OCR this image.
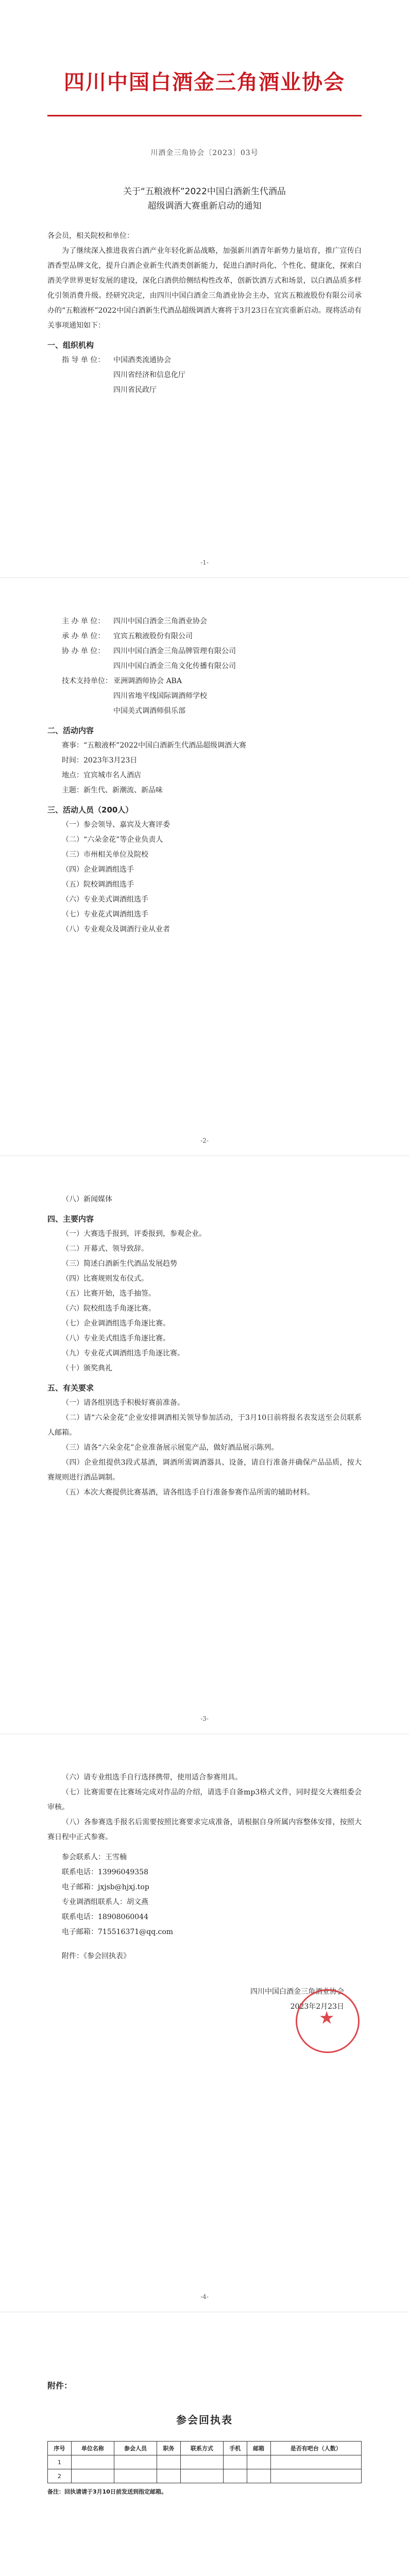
四川中国白酒金三角酒业协会
川酒金三角协会〔2023〕03号
关于“五粮液杯”2022中国白酒新生代酒品
超级调酒大赛重新启动的通知
各会员，相关院校和单位：

为了继续深入推进我省白酒产业年轻化新品战略，加强新川酒青年新势力量培育，推广宣传白酒香型品牌文化，提升白酒企业新生代酒类创新能力，促进白酒时尚化、个性化、健康化，探索白酒美学世界更好发展的建设，深化白酒供给侧结构性改革，创新饮酒方式和场景，以白酒品质多样化引领消费升级。经研究决定，由四川中国白酒金三角酒业协会主办，宜宾五粮液股份有限公司承办的“五粮液杯”2022中国白酒新生代酒品超级调酒大赛将于3月23日在宜宾重新启动。现将活动有关事项通知如下：

一、组织机构
指 导 单 位：	中国酒类流通协会
四川省经济和信息化厅
四川省民政厅
-1-
主 办 单 位：	四川中国白酒金三角酒业协会
承 办 单 位：	宜宾五粮液股份有限公司
协 办 单 位：	四川中国白酒金三角品牌管理有限公司
四川中国白酒金三角文化传播有限公司
技术支持单位： 亚洲调酒师协会 ABA
四川省地平线国际调酒师学校
中国美式调酒师俱乐部
二、活动内容

赛事：“五粮液杯”2022中国白酒新生代酒品超级调酒大赛

时间：2023年3月23日

地点：宜宾城市名人酒店

主题：新生代、新潮流、新品味

三、活动人员（200人）
（一）参会领导、嘉宾及大赛评委
（二）“六朵金花”等企业负责人
（三）市州相关单位及院校
（四）企业调酒组选手
（五）院校调酒组选手
（六）专业美式调酒组选手
（七）专业花式调酒组选手
（八）专业观众及调酒行业从业者
-2-
（八）新闻媒体
四、主要内容
（一）大赛选手报到，评委报到，参观企业。
（二）开幕式、领导致辞。
（三）简述白酒新生代酒品发展趋势
（四）比赛规则发布仪式。
（五）比赛开始，选手抽签。
（六）院校组选手角逐比赛。
（七）企业调酒组选手角逐比赛。
（八）专业美式组选手角逐比赛。
（九）专业花式调酒组选手角逐比赛。
（十）颁奖典礼
五、有关要求

（一）请各组别选手积极好赛前准备。

（二）请“六朵金花”企业安排调酒相关领导参加活动，于3月10日前将报名表发送至会员联系人邮箱。

（三）请各“六朵金花”企业准备展示展览产品，做好酒品展示陈列。

（四）企业组提供3段式基酒，调酒所需调酒器具、设备，请自行准备并确保产品品质，按大赛规则进行酒品调制。

（五）本次大赛提供比赛基酒，请各组选手自行准备参赛作品所需的辅助材料。

-3-

（六）请专业组选手自行选择携带，使用适合参赛用具。

（七）比赛需要在比赛场完成对作品的介绍，请选手自备mp3格式文件，同时提交大赛组委会审核。

（八）各参赛选手报名后需要按照比赛要求完成准备，请根据自身所属内容整体安排，按照大赛日程中正式参赛。

参会联系人：王雪楠
联系电话：13996049358
电子邮箱：jxjsb@hjxj.top
专业调酒组联系人：胡文燕
联系电话：18908060044
电子邮箱：715516371@qq.com
附件：《参会回执表》
四川中国白酒金三角酒业协会
2023年2月23日
★
-4-
附件：
参会回执表
序号	单位名称	参会人员	职务	联系方式	手机	邮箱	是否有吧台（人数）
1							
2							
备注：回执请请于3月10日前发送到指定邮箱。
